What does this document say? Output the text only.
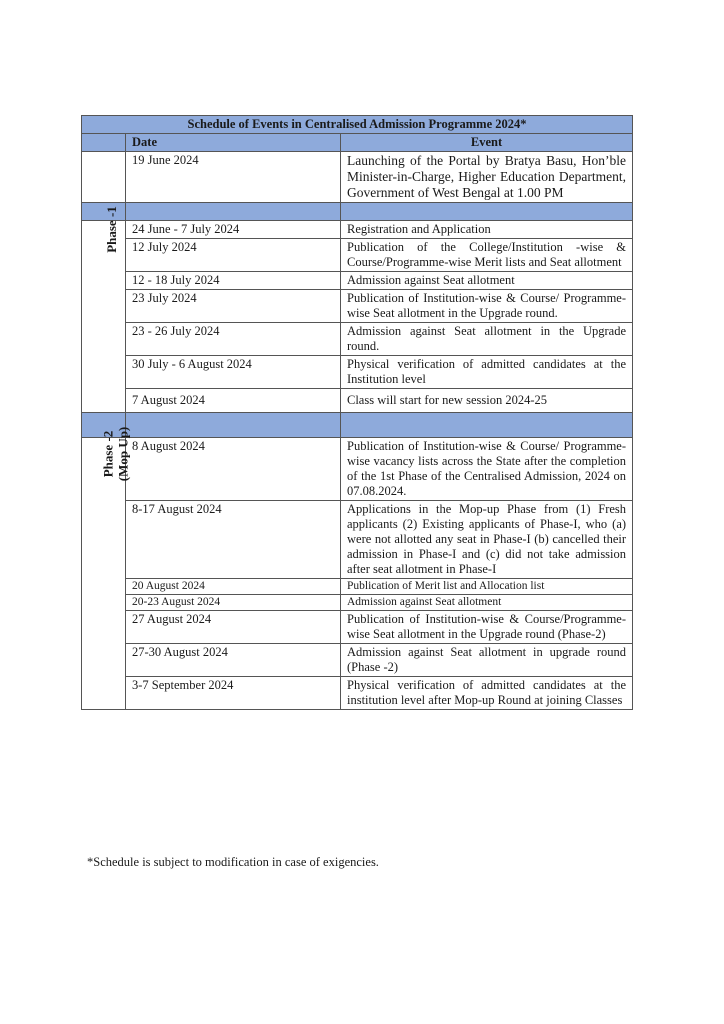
Schedule of Events in Centralised Admission Programme 2024*		
	Date	Event
	19 June 2024	Launching of the Portal by Bratya Basu, Hon’ble Minister-in-Charge, Higher Education Department, Government of West Bengal at 1.00 PM

Phase -1	24 June - 7 July 2024	Registration and Application
	12 July 2024	Publication of the College/Institution -wise & Course/Programme-wise Merit lists and Seat allotment
	12 - 18 July 2024	Admission against Seat allotment
	23 July 2024	Publication of Institution-wise & Course/ Programme-wise Seat allotment in the Upgrade round.
	23 - 26 July 2024	Admission against Seat allotment in the Upgrade round.
	30 July - 6 August 2024	Physical verification of admitted candidates at the Institution level
	7 August 2024	Class will start for new session 2024-25

Phase -2
(Mop Up)	8 August 2024	Publication of Institution-wise & Course/ Programme-wise vacancy lists across the State after the completion of the 1st Phase of the Centralised Admission, 2024 on 07.08.2024.
	8-17 August 2024	Applications in the Mop-up Phase from (1) Fresh applicants (2) Existing applicants of Phase-I, who (a) were not allotted any seat in Phase-I (b) cancelled their admission in Phase-I and (c) did not take admission after seat allotment in Phase-I
	20 August 2024	Publication of Merit list and Allocation list
	20-23 August 2024	Admission against Seat allotment
	27 August 2024	Publication of Institution-wise & Course/Programme-wise Seat allotment in the Upgrade round (Phase-2)
	27-30 August 2024	Admission against Seat allotment in upgrade round (Phase -2)
	3-7 September 2024	Physical verification of admitted candidates at the institution level after Mop-up Round at joining Classes
*Schedule is subject to modification in case of exigencies.
